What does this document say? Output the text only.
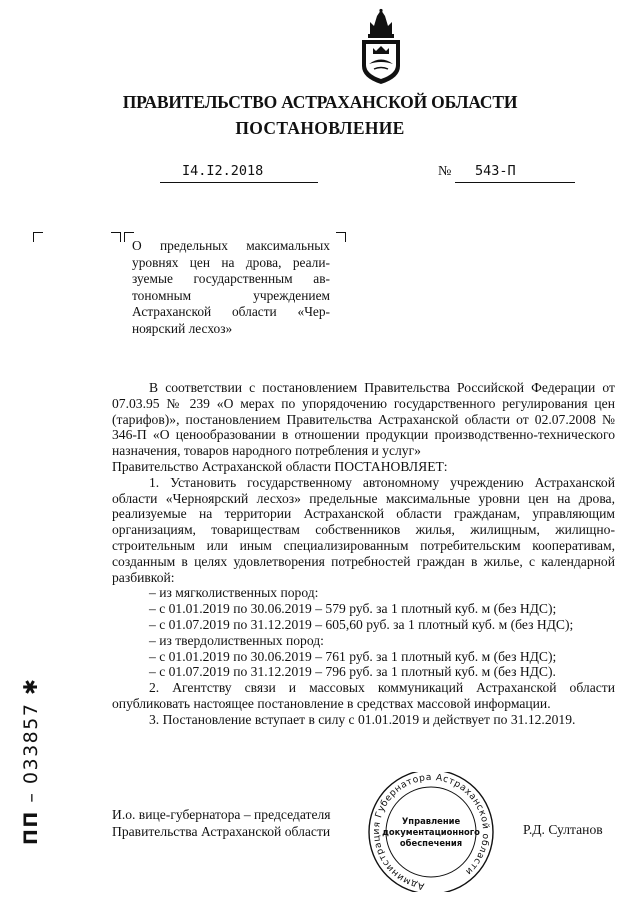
ПРАВИТЕЛЬСТВО АСТРАХАНСКОЙ ОБЛАСТИ
ПОСТАНОВЛЕНИЕ
I4.I2.2018	№	543-П
О предельных максимальных
уровнях цен на дрова, реали-
зуемые государственным ав-
тономным учреждением
Астраханской области «Чер-
ноярский лесхоз»

В соответствии с постановлением Правительства Российской Федерации от 07.03.95 № 239 «О мерах по упорядочению государственного регулирования цен (тарифов)», постановлением Правительства Астраханской области от 02.07.2008 № 346-П «О ценообразовании в отношении продукции производственно-технического назначения, товаров народного потребления и услуг»

Правительство Астраханской области ПОСТАНОВЛЯЕТ:

1. Установить государственному автономному учреждению Астраханской области «Черноярский лесхоз» предельные максимальные уровни цен на дрова, реализуемые на территории Астраханской области гражданам, управляющим организациям, товариществам собственников жилья, жилищным, жилищно-строительным или иным специализированным потребительским кооперативам, созданным в целях удовлетворения потребностей граждан в жилье, с календарной разбивкой:

– из мягколиственных пород:

– с 01.01.2019 по 30.06.2019 – 579 руб. за 1 плотный куб. м (без НДС);

– с 01.07.2019 по 31.12.2019 – 605,60 руб. за 1 плотный куб. м (без НДС);

– из твердолиственных пород:

– с 01.01.2019 по 30.06.2019 – 761 руб. за 1 плотный куб. м (без НДС);

– с 01.07.2019 по 31.12.2019 – 796 руб. за 1 плотный куб. м (без НДС).

2. Агентству связи и массовых коммуникаций Астраханской области опубликовать настоящее постановление в средствах массовой информации.

3. Постановление вступает в силу с 01.01.2019 и действует по 31.12.2019.

И.о. вице-губернатора – председателя
Правительства Астраханской области	Р.Д. Султанов
Администрация Губернатора Астраханской области
Управление
документационного
обеспечения
ПП – 033857 ✱
